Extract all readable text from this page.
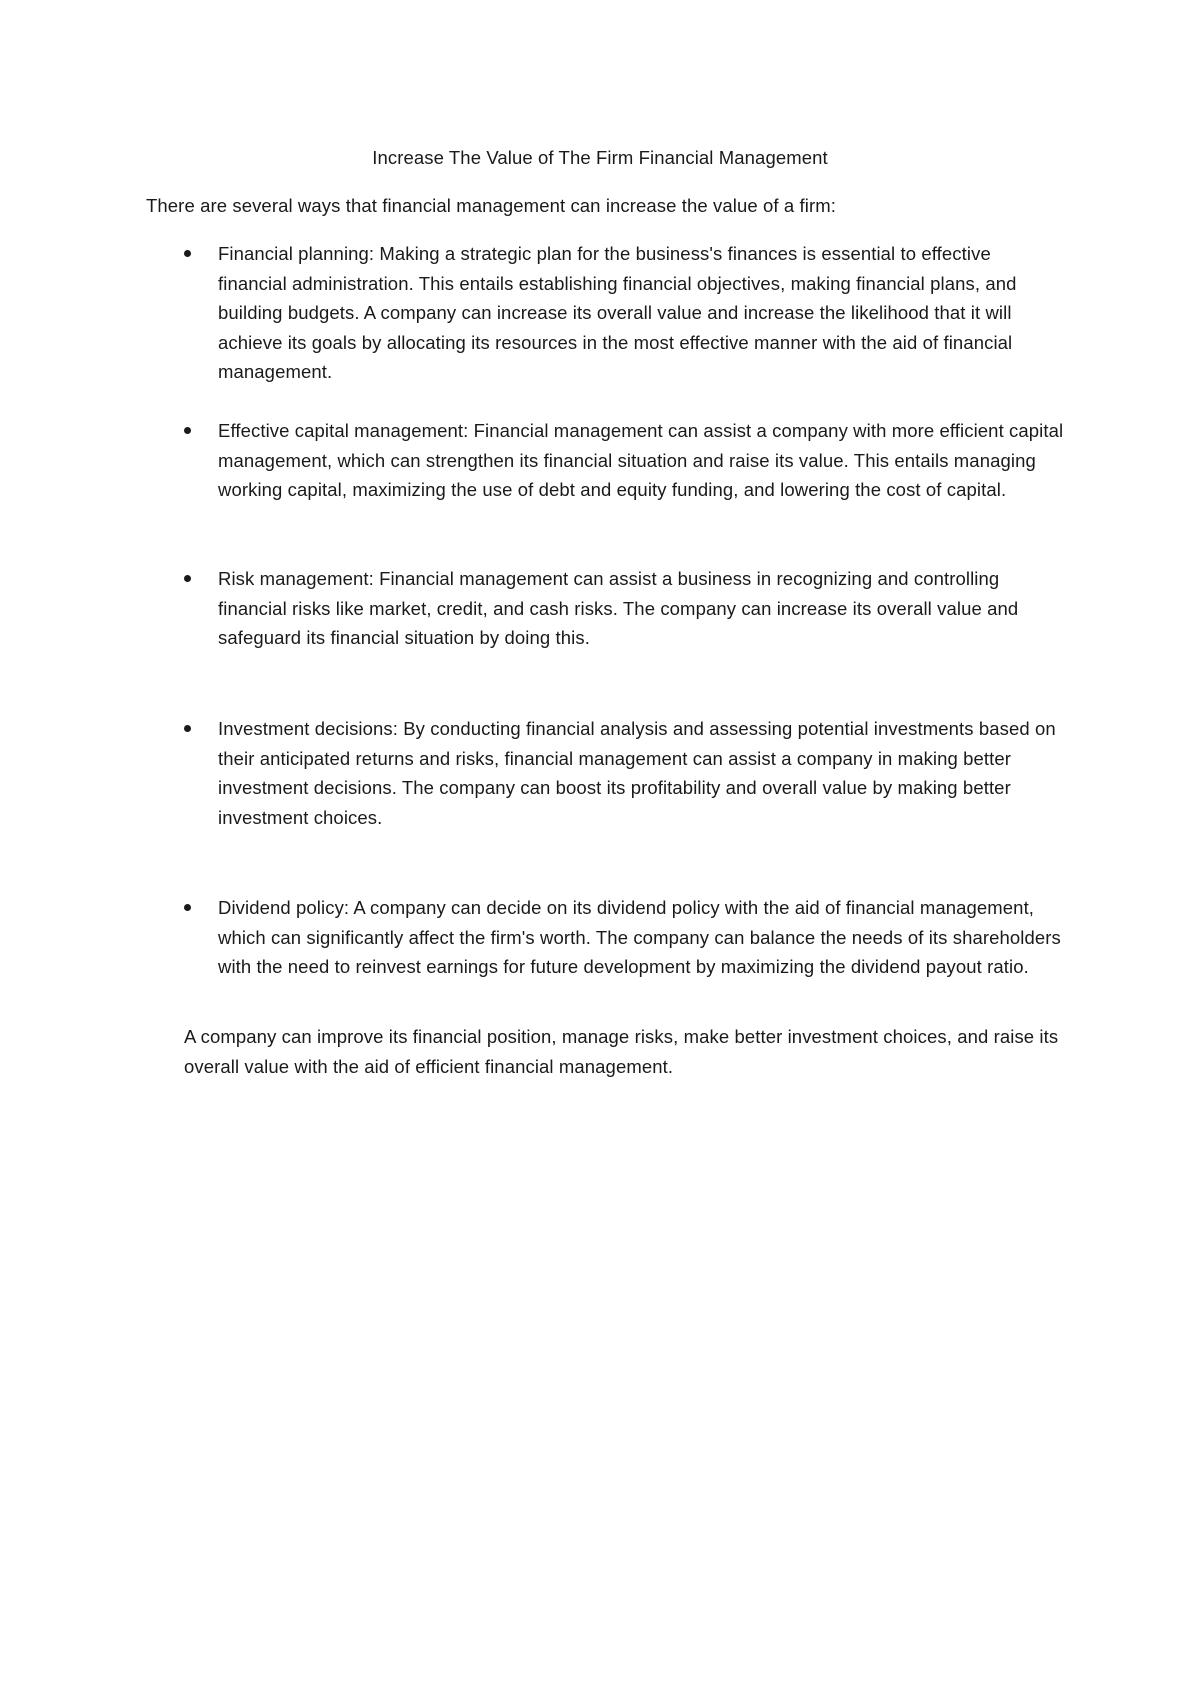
Increase The Value of The Firm Financial Management
There are several ways that financial management can increase the value of a firm:
Financial planning: Making a strategic plan for the business's finances is essential to effective financial administration. This entails establishing financial objectives, making financial plans, and building budgets. A company can increase its overall value and increase the likelihood that it will achieve its goals by allocating its resources in the most effective manner with the aid of financial management.
Effective capital management: Financial management can assist a company with more efficient capital management, which can strengthen its financial situation and raise its value. This entails managing working capital, maximizing the use of debt and equity funding, and lowering the cost of capital.
Risk management: Financial management can assist a business in recognizing and controlling financial risks like market, credit, and cash risks. The company can increase its overall value and safeguard its financial situation by doing this.
Investment decisions: By conducting financial analysis and assessing potential investments based on their anticipated returns and risks, financial management can assist a company in making better investment decisions. The company can boost its profitability and overall value by making better investment choices.
Dividend policy: A company can decide on its dividend policy with the aid of financial management, which can significantly affect the firm's worth. The company can balance the needs of its shareholders with the need to reinvest earnings for future development by maximizing the dividend payout ratio.
A company can improve its financial position, manage risks, make better investment choices, and raise its overall value with the aid of efficient financial management.
